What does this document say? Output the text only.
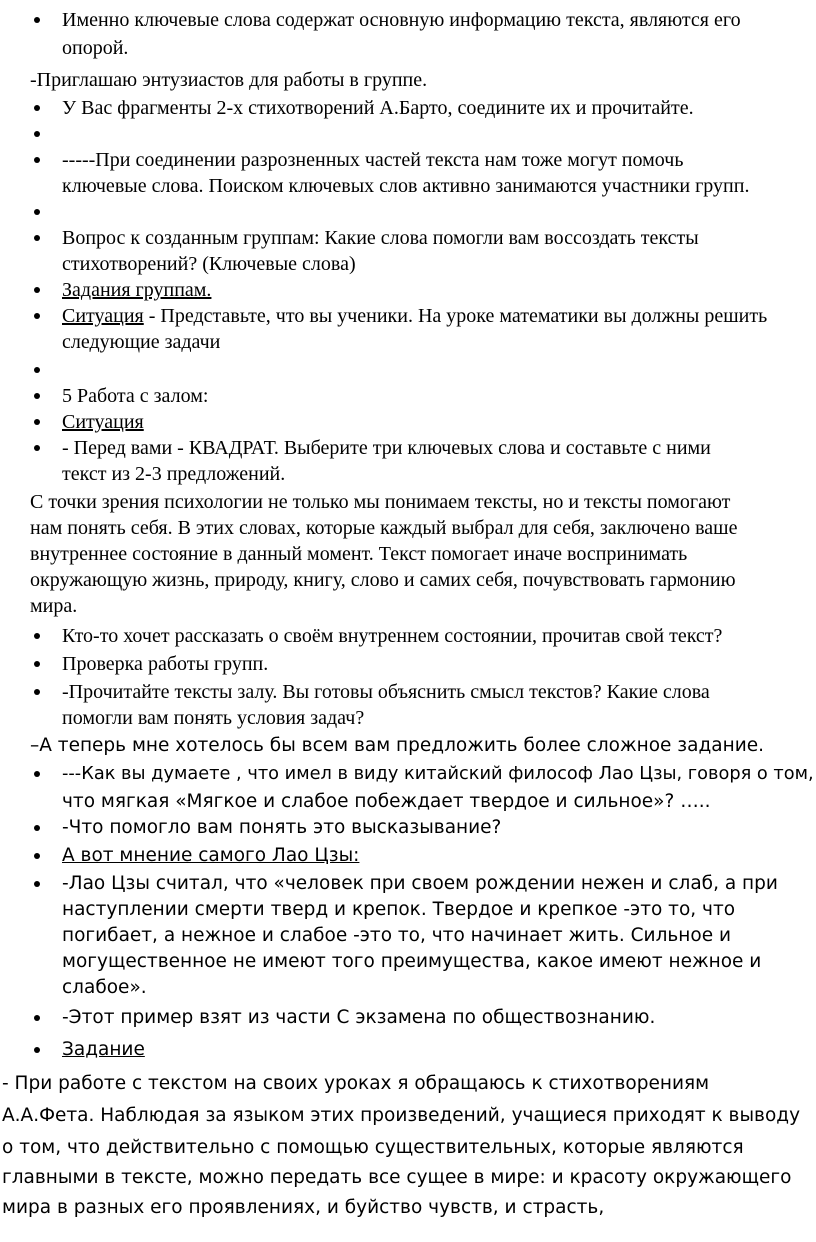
Именно ключевые слова содержат основную информацию текста, являются его
опорой.
-Приглашаю энтузиастов для работы в группе.
У Вас фрагменты 2-х стихотворений А.Барто, соедините их и прочитайте.
-----При соединении разрозненных частей текста нам тоже могут помочь
ключевые слова. Поиском ключевых слов активно занимаются участники групп.
Вопрос к созданным группам: Какие слова помогли вам воссоздать тексты
стихотворений? (Ключевые слова)
Задания группам.
Ситуация - Представьте, что вы ученики. На уроке математики вы должны решить
следующие задачи
5 Работа с залом:
Ситуация
- Перед вами - КВАДРАТ. Выберите три ключевых слова и составьте с ними
текст из 2-3 предложений.
С точки зрения психологии не только мы понимаем тексты, но и тексты помогают
нам понять себя. В этих словах, которые каждый выбрал для себя, заключено ваше
внутреннее состояние в данный момент. Текст помогает иначе воспринимать
окружающую жизнь, природу, книгу, слово и самих себя, почувствовать гармонию
мира.
Кто-то хочет рассказать о своём внутреннем состоянии, прочитав свой текст?
Проверка работы групп.
-Прочитайте тексты залу. Вы готовы объяснить смысл текстов? Какие слова
помогли вам понять условия задач?
–А теперь мне хотелось бы всем вам предложить более сложное задание.
---Как вы думаете , что имел в виду китайский философ Лао Цзы, говоря о том,
что мягкая «Мягкое и слабое побеждает твердое и сильное»? …..
-Что помогло вам понять это высказывание?
А вот мнение самого Лао Цзы:
-Лао Цзы считал, что «человек при своем рождении нежен и слаб, а при
наступлении смерти тверд и крепок. Твердое и крепкое -это то, что
погибает, а нежное и слабое -это то, что начинает жить. Сильное и
могущественное не имеют того преимущества, какое имеют нежное и
слабое».
-Этот пример взят из части С экзамена по обществознанию.
Задание
- При работе с текстом на своих уроках я обращаюсь к стихотворениям
А.А.Фета. Наблюдая за языком этих произведений, учащиеся приходят к выводу
о том, что действительно с помощью существительных, которые являются
главными в тексте, можно передать все сущее в мире: и красоту окружающего
мира в разных его проявлениях, и буйство чувств, и страсть,
